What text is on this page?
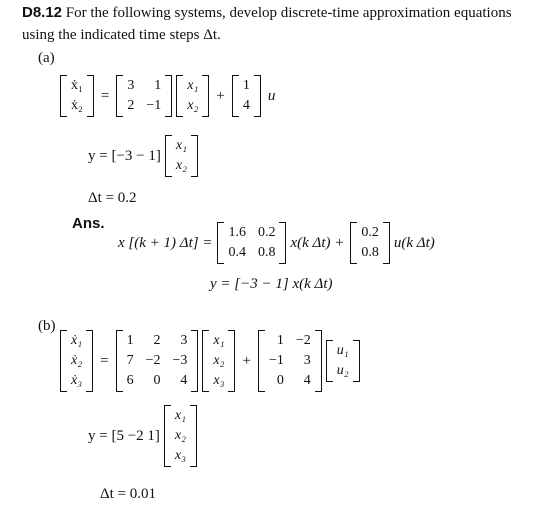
D8.12 For the following systems, develop discrete-time approximation equations using the indicated time steps Δt.
(a)
ẋ₁
ẋ₂
=
3	1
2 −1
x₁
x₂
+
1
4
u
y = [−3 − 1]
x₁
x₂
Δt = 0.2
Ans.
x [(k + 1) Δt] =
1.6 0.2
0.4 0.8
x(k Δt) +
0.2
0.8
u(k Δt)
y = [−3 − 1] x(k Δt)
(b)
ẋ₁
ẋ₂
ẋ₃
=
1	2	3
7 −2 −3
6	0	4
x₁
x₂
x₃
+
1 −2
−1	3
0	4
u₁
u₂
y = [5 −2 1]
x₁
x₂
x₃
Δt = 0.01
